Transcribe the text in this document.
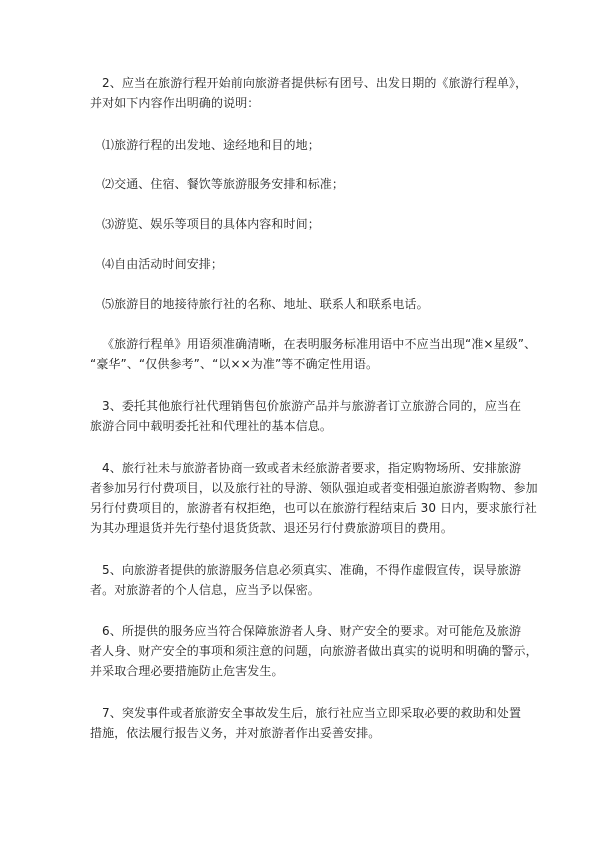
2、应当在旅游行程开始前向旅游者提供标有团号、出发日期的《旅游行程单》，
并对如下内容作出明确的说明：
⑴旅游行程的出发地、途经地和目的地；
⑵交通、住宿、餐饮等旅游服务安排和标准；
⑶游览、娱乐等项目的具体内容和时间；
⑷自由活动时间安排；
⑸旅游目的地接待旅行社的名称、地址、联系人和联系电话。
《旅游行程单》用语须准确清晰，在表明服务标准用语中不应当出现“准×星级”、
“豪华”、“仅供参考”、“以××为准”等不确定性用语。
3、委托其他旅行社代理销售包价旅游产品并与旅游者订立旅游合同的，应当在
旅游合同中载明委托社和代理社的基本信息。
4、旅行社未与旅游者协商一致或者未经旅游者要求，指定购物场所、安排旅游
者参加另行付费项目，以及旅行社的导游、领队强迫或者变相强迫旅游者购物、参加
另行付费项目的，旅游者有权拒绝，也可以在旅游行程结束后 30 日内，要求旅行社
为其办理退货并先行垫付退货货款、退还另行付费旅游项目的费用。
5、向旅游者提供的旅游服务信息必须真实、准确，不得作虚假宣传，误导旅游
者。对旅游者的个人信息，应当予以保密。
6、所提供的服务应当符合保障旅游者人身、财产安全的要求。对可能危及旅游
者人身、财产安全的事项和须注意的问题，向旅游者做出真实的说明和明确的警示，
并采取合理必要措施防止危害发生。
7、突发事件或者旅游安全事故发生后，旅行社应当立即采取必要的救助和处置
措施，依法履行报告义务，并对旅游者作出妥善安排。
